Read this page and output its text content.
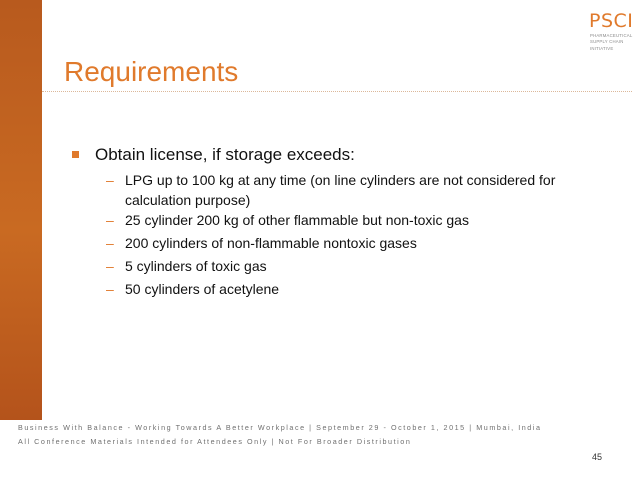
PSCI
PHARMACEUTICAL
SUPPLY CHAIN
INITIATIVE
Requirements
Obtain license, if storage exceeds:
– LPG up to 100 kg at any time (on line cylinders are not considered for calculation purpose)
– 25 cylinder 200 kg of other flammable but non-toxic gas
– 200 cylinders of non-flammable nontoxic gases
– 5 cylinders of toxic gas
– 50 cylinders of acetylene
Business With Balance - Working Towards A Better Workplace | September 29 - October 1, 2015 | Mumbai, India
All Conference Materials Intended for Attendees Only | Not For Broader Distribution
45
